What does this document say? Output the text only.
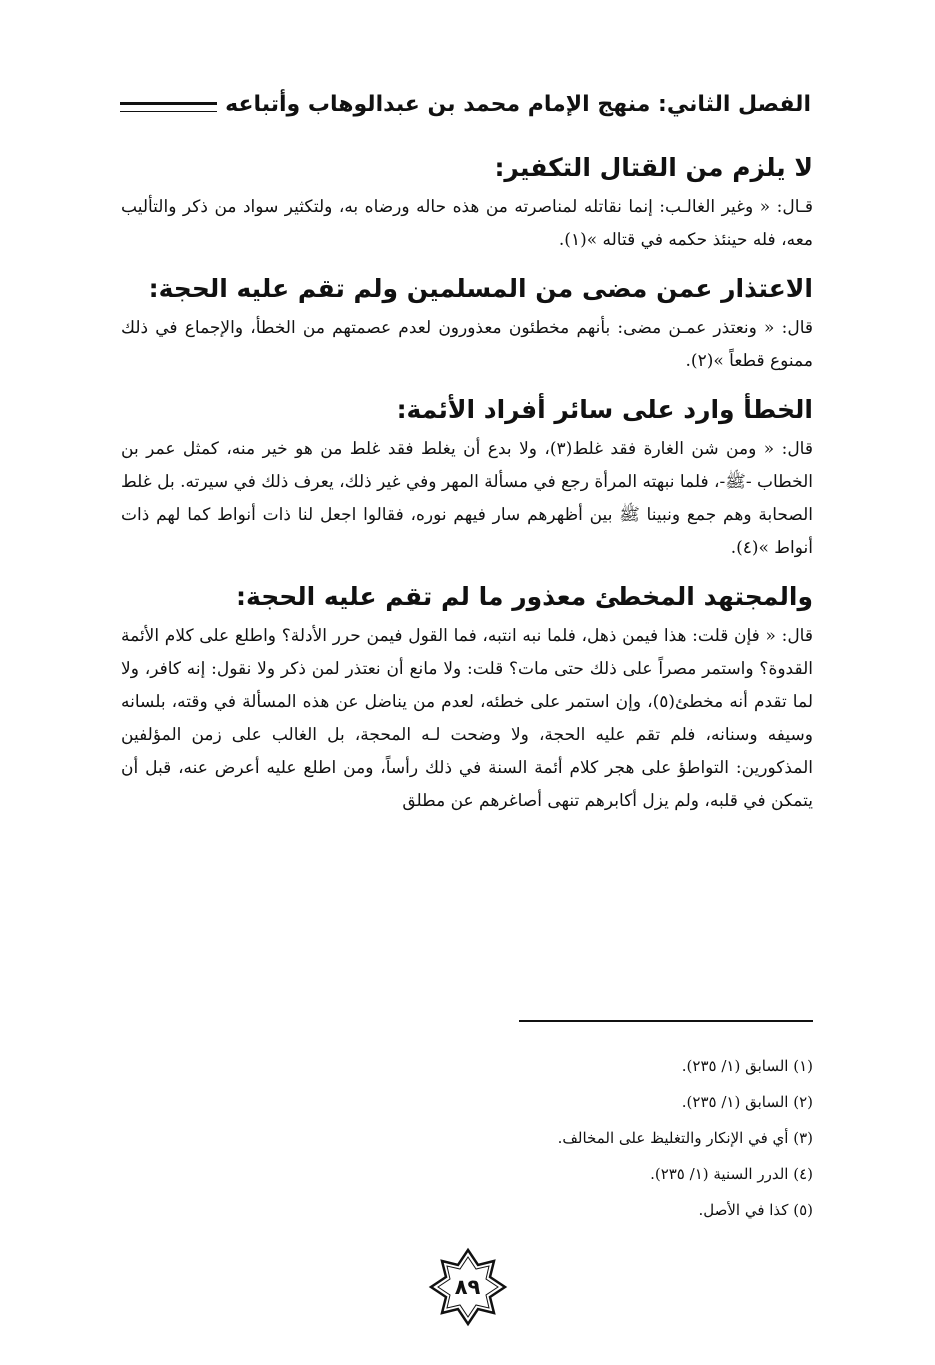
الفصل الثاني: منهج الإمام محمد بن عبدالوهاب وأتباعه
لا يلزم من القتال التكفير:

قـال: « وغير الغالـب: إنما نقاتله لمناصرته من هذه حاله ورضاه به، ولتكثير سواد من ذكر والتأليب معه، فله حينئذ حكمه في قتاله »(١).

الاعتذار عمن مضى من المسلمين ولم تقم عليه الحجة:

قال: « ونعتذر عمـن مضى: بأنهم مخطئون معذورون لعدم عصمتهم من الخطأ، والإجماع في ذلك ممنوع قطعاً »(٢).

الخطأ وارد على سائر أفراد الأئمة:

قال: « ومن شن الغارة فقد غلط(٣)، ولا بدع أن يغلط فقد غلط من هو خير منه، كمثل عمر بن الخطاب -ﷺ-، فلما نبهته المرأة رجع في مسألة المهر وفي غير ذلك، يعرف ذلك في سيرته. بل غلط الصحابة وهم جمع ونبينا ﷺ بين أظهرهم سار فيهم نوره، فقالوا اجعل لنا ذات أنواط كما لهم ذات أنواط »(٤).

والمجتهد المخطئ معذور ما لم تقم عليه الحجة:

قال: « فإن قلت: هذا فيمن ذهل، فلما نبه انتبه، فما القول فيمن حرر الأدلة؟ واطلع على كلام الأئمة القدوة؟ واستمر مصراً على ذلك حتى مات؟ قلت: ولا مانع أن نعتذر لمن ذكر ولا نقول: إنه كافر، ولا لما تقدم أنه مخطئ(٥)، وإن استمر على خطئه، لعدم من يناضل عن هذه المسألة في وقته، بلسانه وسيفه وسنانه، فلم تقم عليه الحجة، ولا وضحت لـه المحجة، بل الغالب على زمن المؤلفين المذكورين: التواطؤ على هجر كلام أئمة السنة في ذلك رأساً، ومن اطلع عليه أعرض عنه، قبل أن يتمكن في قلبه، ولم يزل أكابرهم تنهى أصاغرهم عن مطلق

(١) السابق (١/ ٢٣٥).
(٢) السابق (١/ ٢٣٥).
(٣) أي في الإنكار والتغليظ على المخالف.
(٤) الدرر السنية (١/ ٢٣٥).
(٥) كذا في الأصل.
٨٩
